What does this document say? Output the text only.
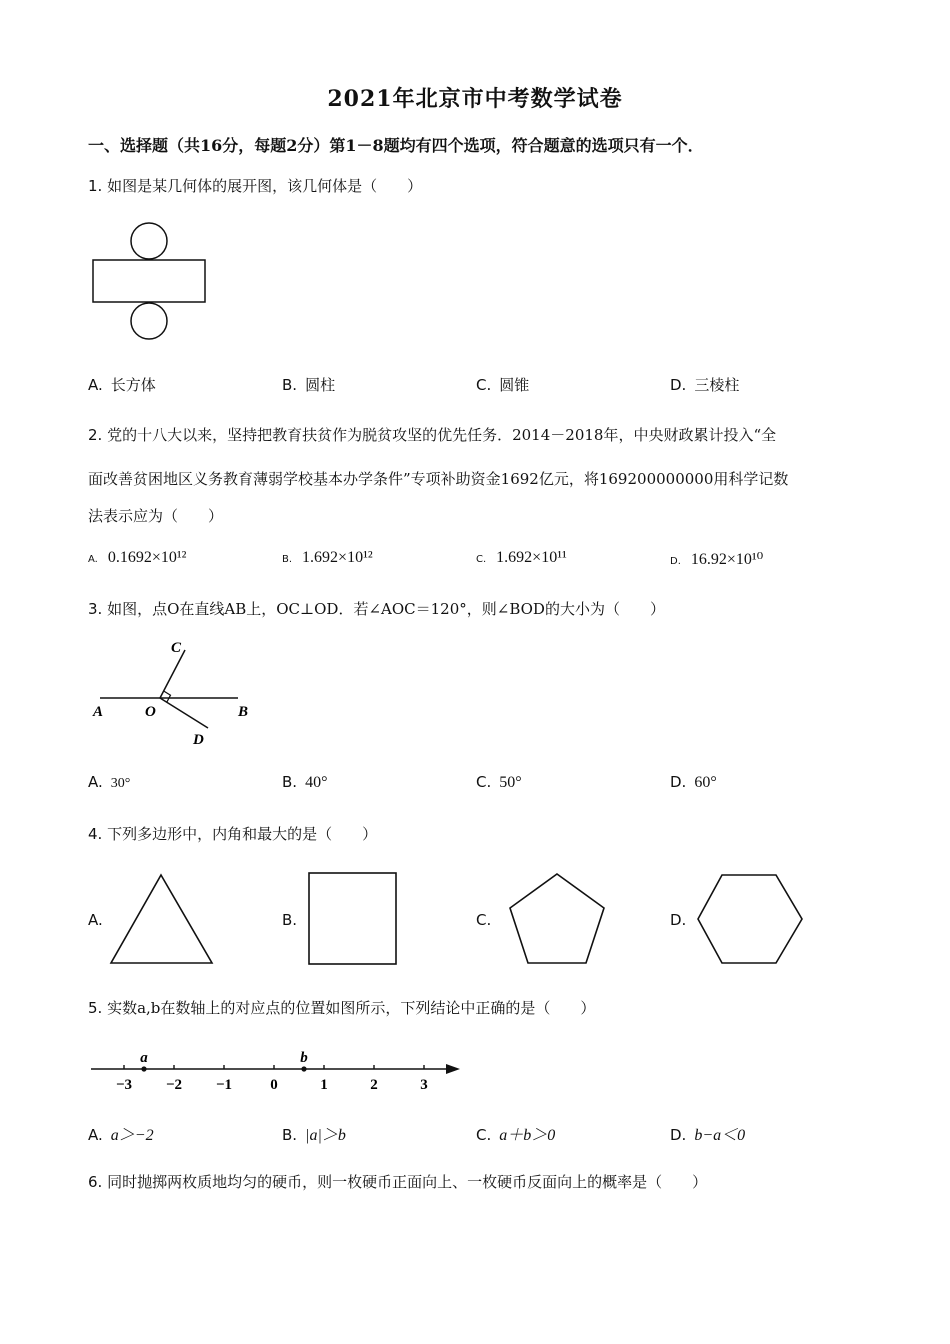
2021年北京市中考数学试卷
一、选择题（共16分，每题2分）第1－8题均有四个选项，符合题意的选项只有一个．
1. 如图是某几何体的展开图，该几何体是（　　）
A. 长方体	B. 圆柱	C. 圆锥	D. 三棱柱
2. 党的十八大以来，坚持把教育扶贫作为脱贫攻坚的优先任务．2014－2018年，中央财政累计投入“全
面改善贫困地区义务教育薄弱学校基本办学条件”专项补助资金1692亿元，将169200000000用科学记数
法表示应为（　　）
A. 0.1692×10¹²	B. 1.692×10¹²	C. 1.692×10¹¹	D. 16.92×10¹⁰
3. 如图，点O在直线AB上，OC⊥OD．若∠AOC＝120°，则∠BOD的大小为（　　）
A	O	B
C
D
A. 30°	B. 40°	C. 50°	D. 60°
4. 下列多边形中，内角和最大的是（　　）
A.	B.	C.	D.
5. 实数a,b在数轴上的对应点的位置如图所示，下列结论中正确的是（　　）
−3 −2 −1	0	1	2	3
a	b
A. a＞−2	B. |a|＞b	C. a＋b＞0	D. b−a＜0
6. 同时抛掷两枚质地均匀的硬币，则一枚硬币正面向上、一枚硬币反面向上的概率是（　　）
